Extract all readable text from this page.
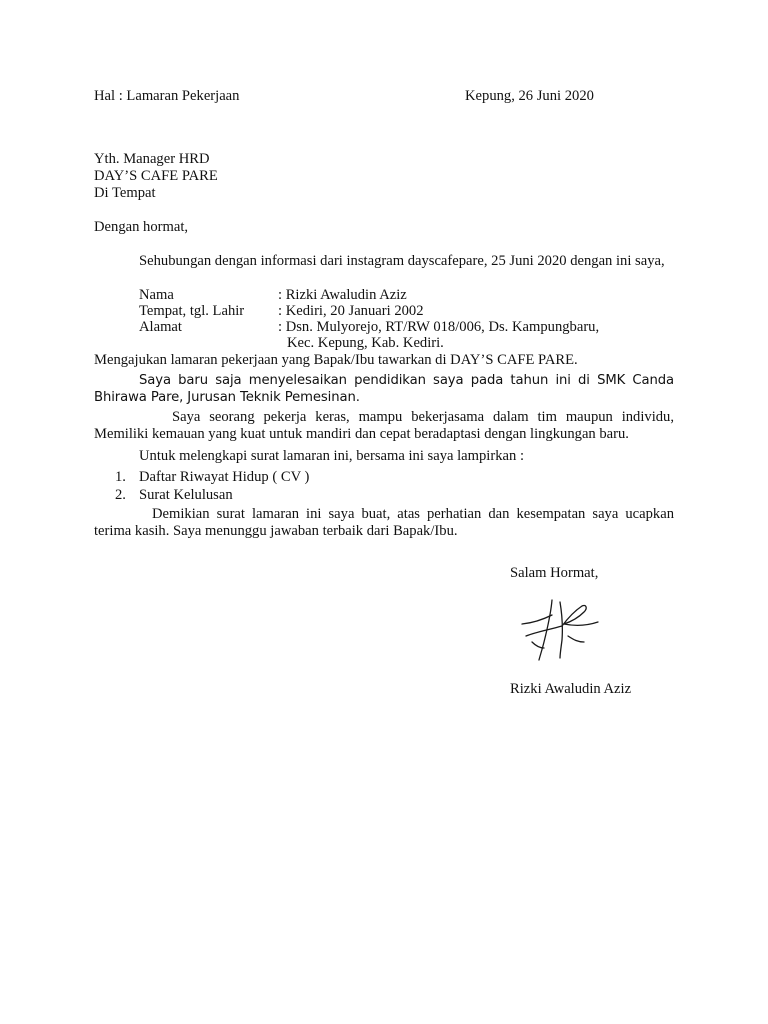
Hal : Lamaran Pekerjaan	Kepung, 26 Juni 2020
Yth. Manager HRD
DAY’S CAFE PARE
Di Tempat
Dengan hormat,
Sehubungan dengan informasi dari instagram dayscafepare, 25 Juni 2020 dengan ini saya,
Nama	: Rizki Awaludin Aziz
Tempat, tgl. Lahir : Kediri, 20 Januari 2002
Alamat	: Dsn. Mulyorejo, RT/RW 018/006, Ds. Kampungbaru,
Kec. Kepung, Kab. Kediri.
Mengajukan lamaran pekerjaan yang Bapak/Ibu tawarkan di DAY’S CAFE PARE.
Saya baru saja menyelesaikan pendidikan saya pada tahun ini di SMK Canda Bhirawa Pare, Jurusan Teknik Pemesinan.
Saya seorang pekerja keras, mampu bekerjasama dalam tim maupun individu, Memiliki kemauan yang kuat untuk mandiri dan cepat beradaptasi dengan lingkungan baru.
Untuk melengkapi surat lamaran ini, bersama ini saya lampirkan :
1. Daftar Riwayat Hidup ( CV )
2. Surat Kelulusan
Demikian surat lamaran ini saya buat, atas perhatian dan kesempatan saya ucapkan terima kasih. Saya menunggu jawaban terbaik dari Bapak/Ibu.
Salam Hormat,
Rizki Awaludin Aziz
